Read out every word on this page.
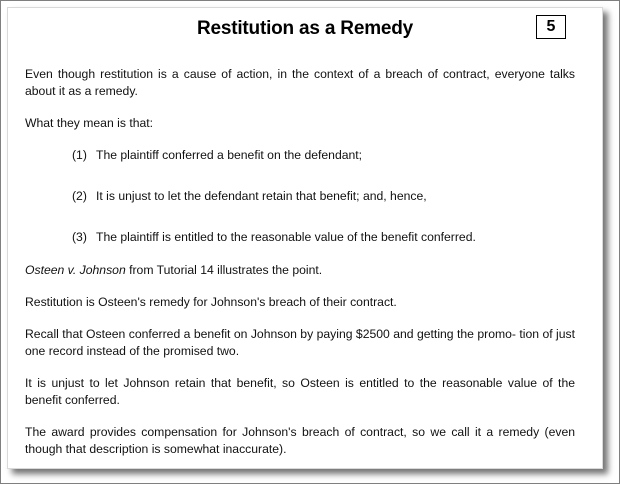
Restitution as a Remedy	5

Even though restitution is a cause of action, in the context of a breach of contract, everyone talks about it as a remedy.

What they mean is that:

(1) The plaintiff conferred a benefit on the defendant;
(2) It is unjust to let the defendant retain that benefit; and, hence,
(3) The plaintiff is entitled to the reasonable value of the benefit conferred.

Osteen v. Johnson from Tutorial 14 illustrates the point.

Restitution is Osteen's remedy for Johnson's breach of their contract.

Recall that Osteen conferred a benefit on Johnson by paying $2500 and getting the promo- tion of just one record instead of the promised two.

It is unjust to let Johnson retain that benefit, so Osteen is entitled to the reasonable value of the benefit conferred.

The award provides compensation for Johnson's breach of contract, so we call it a remedy (even though that description is somewhat inaccurate).
